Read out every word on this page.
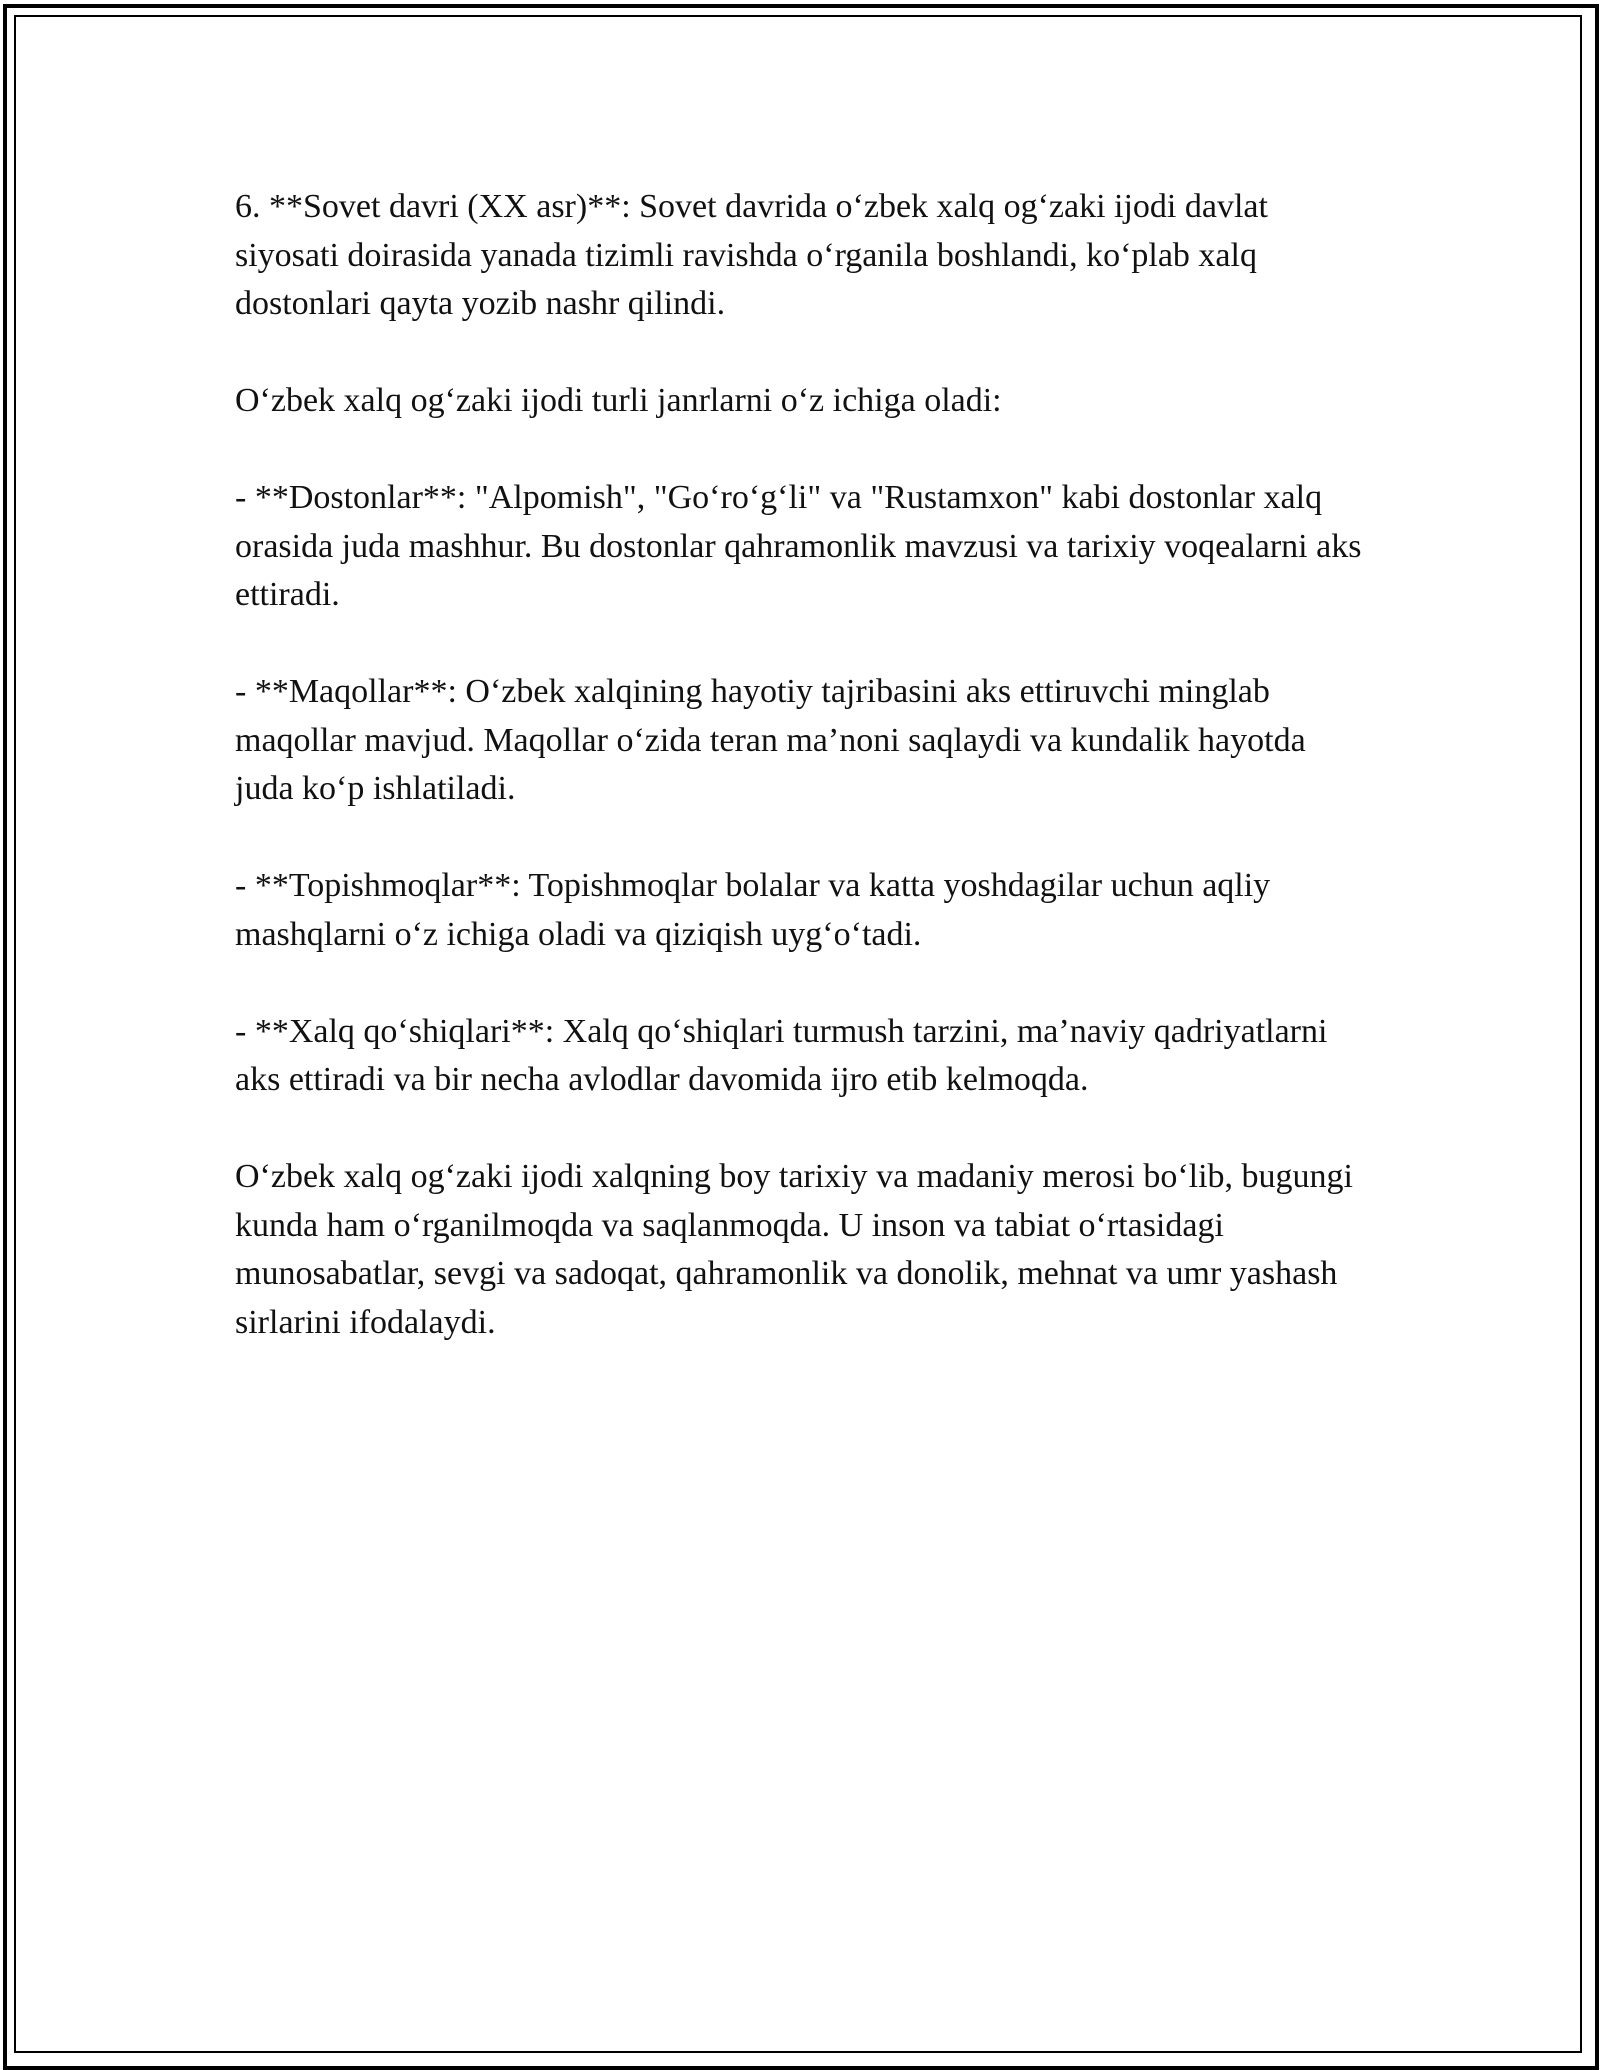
6. **Sovet davri (XX asr)**: Sovet davrida o‘zbek xalq og‘zaki ijodi davlat siyosati doirasida yanada tizimli ravishda o‘rganila boshlandi, ko‘plab xalq dostonlari qayta yozib nashr qilindi.

O‘zbek xalq og‘zaki ijodi turli janrlarni o‘z ichiga oladi:

- **Dostonlar**: "Alpomish", "Go‘ro‘g‘li" va "Rustamxon" kabi dostonlar xalq orasida juda mashhur. Bu dostonlar qahramonlik mavzusi va tarixiy voqealarni aks ettiradi.

- **Maqollar**: O‘zbek xalqining hayotiy tajribasini aks ettiruvchi minglab maqollar mavjud. Maqollar o‘zida teran ma’noni saqlaydi va kundalik hayotda juda ko‘p ishlatiladi.

- **Topishmoqlar**: Topishmoqlar bolalar va katta yoshdagilar uchun aqliy mashqlarni o‘z ichiga oladi va qiziqish uyg‘o‘tadi.

- **Xalq qo‘shiqlari**: Xalq qo‘shiqlari turmush tarzini, ma’naviy qadriyatlarni aks ettiradi va bir necha avlodlar davomida ijro etib kelmoqda.

O‘zbek xalq og‘zaki ijodi xalqning boy tarixiy va madaniy merosi bo‘lib, bugungi kunda ham o‘rganilmoqda va saqlanmoqda. U inson va tabiat o‘rtasidagi munosabatlar, sevgi va sadoqat, qahramonlik va donolik, mehnat va umr yashash sirlarini ifodalaydi.
